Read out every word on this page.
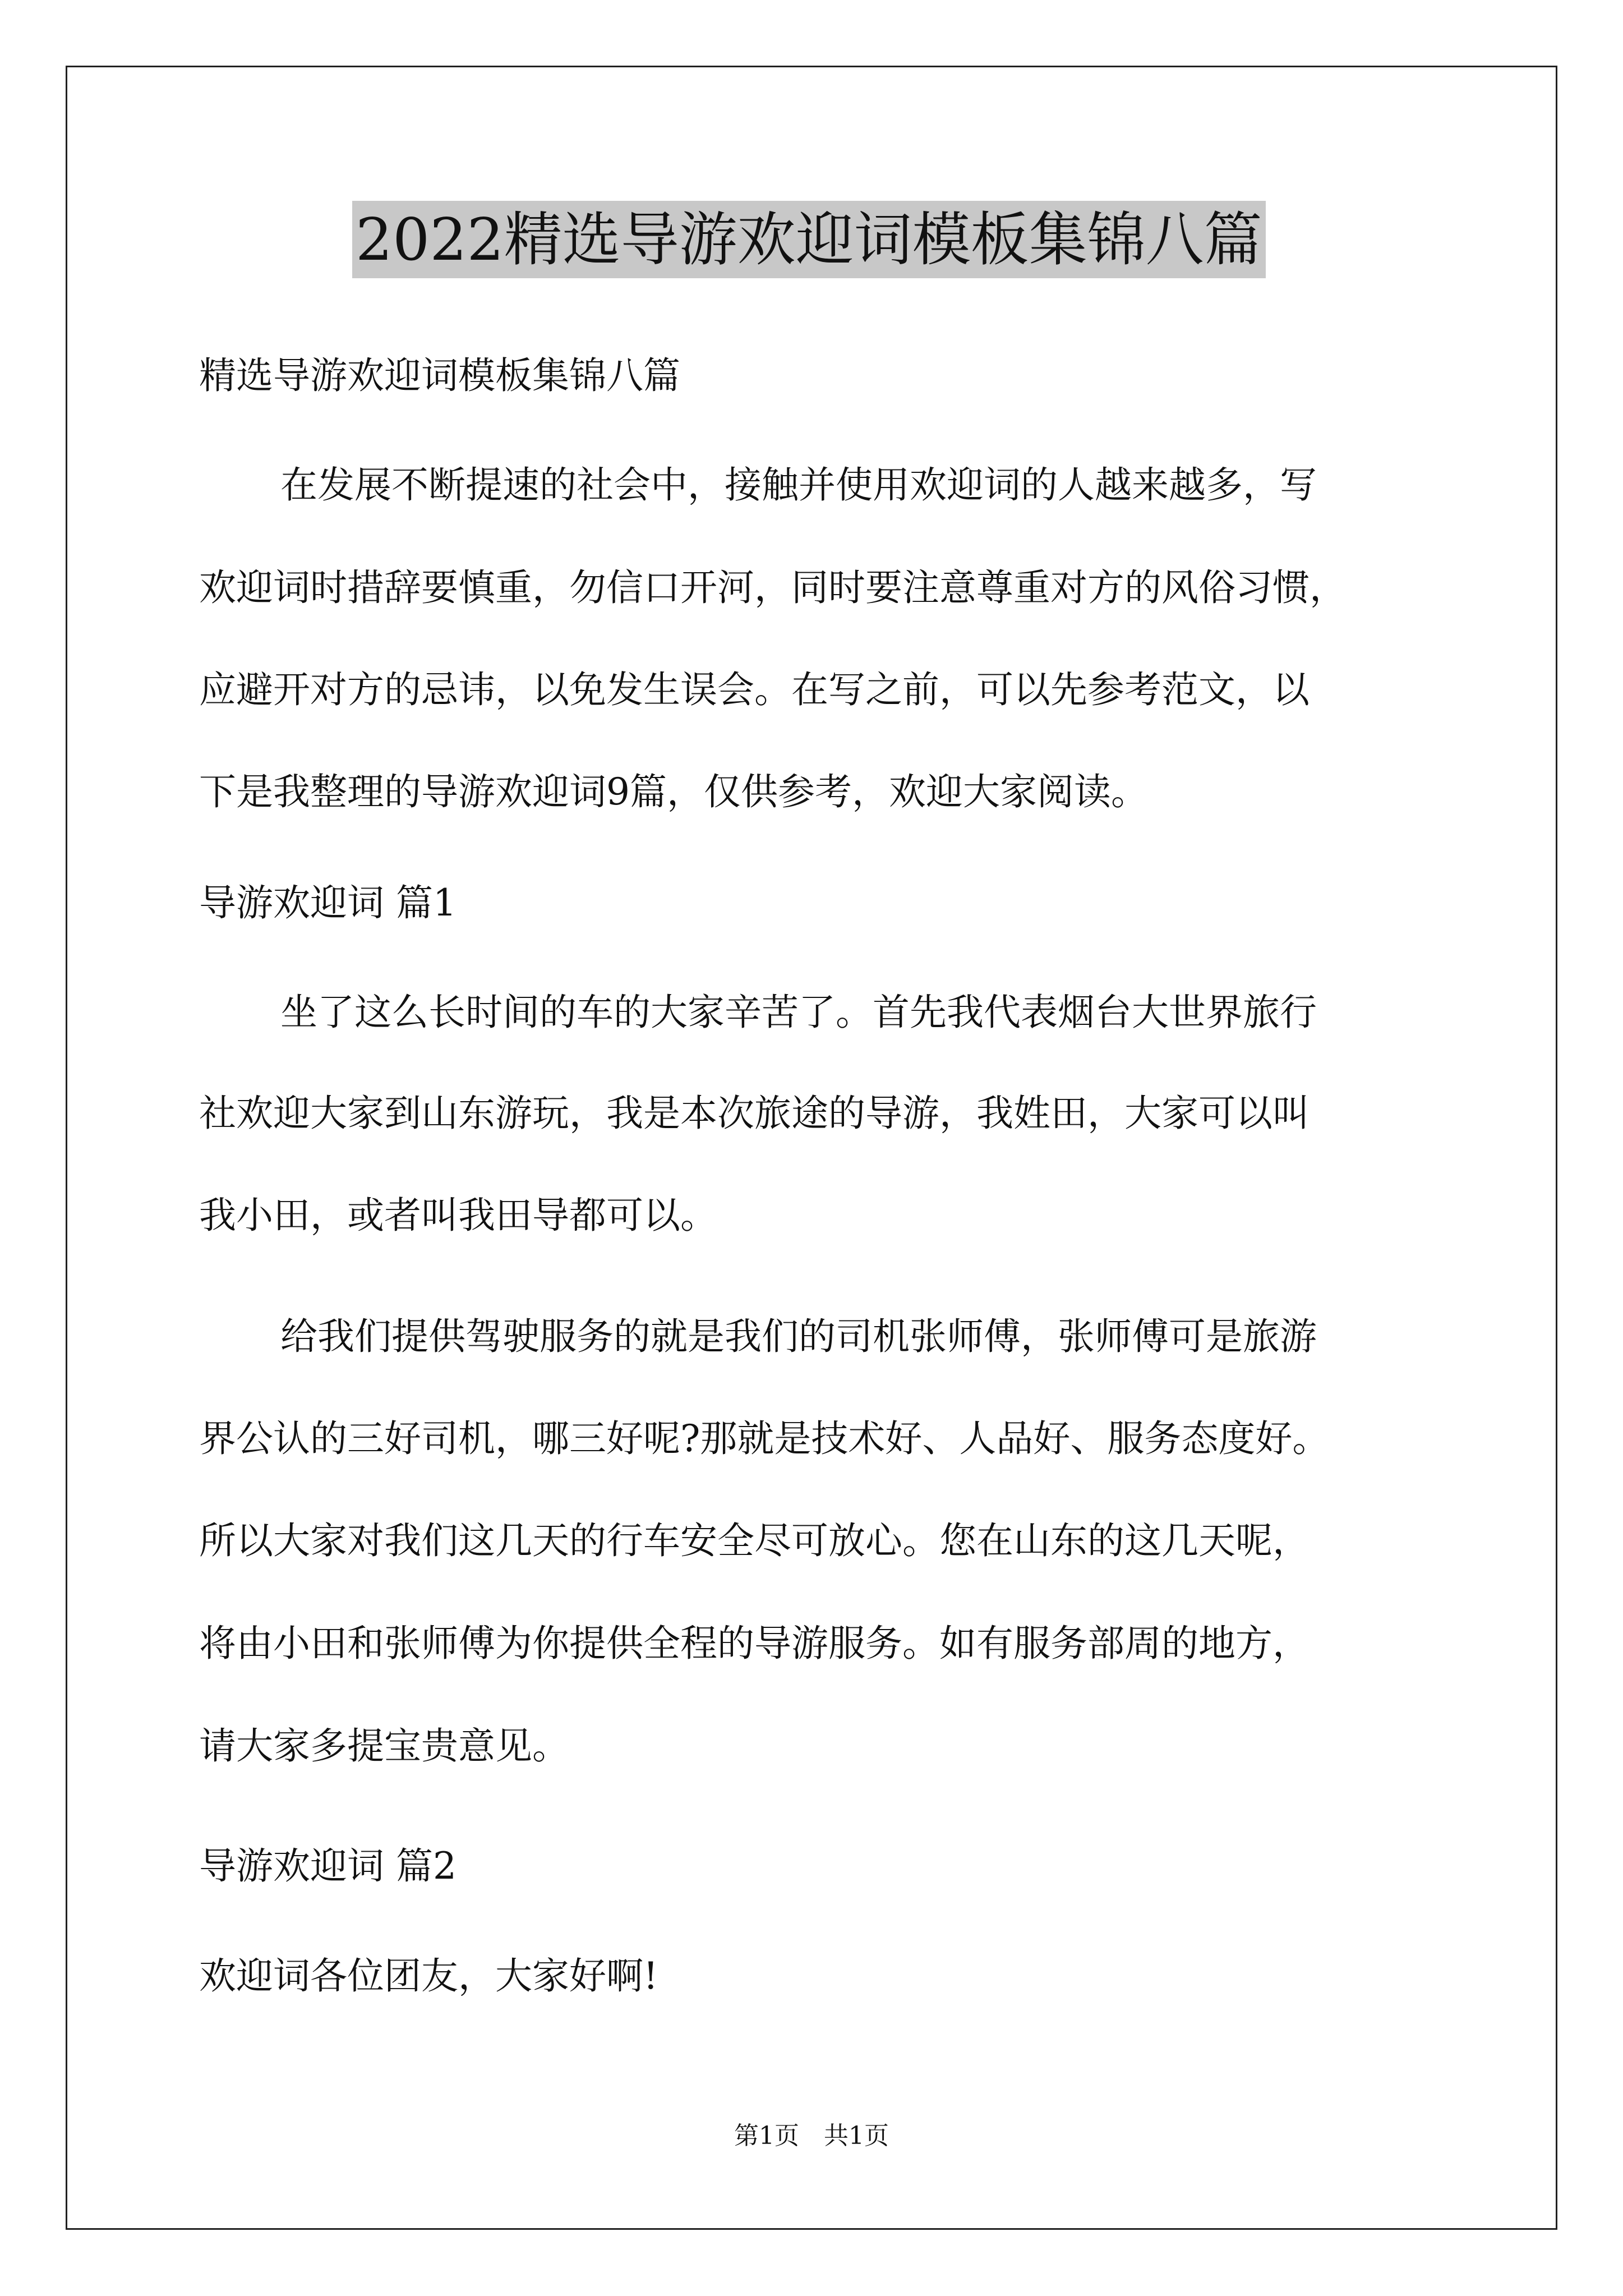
2022精选导游欢迎词模板集锦八篇
精选导游欢迎词模板集锦八篇
在发展不断提速的社会中，接触并使用欢迎词的人越来越多，写
欢迎词时措辞要慎重，勿信口开河，同时要注意尊重对方的风俗习惯，
应避开对方的忌讳，以免发生误会。在写之前，可以先参考范文，以
下是我整理的导游欢迎词9篇，仅供参考，欢迎大家阅读。
导游欢迎词 篇1
坐了这么长时间的车的大家辛苦了。首先我代表烟台大世界旅行
社欢迎大家到山东游玩，我是本次旅途的导游，我姓田，大家可以叫
我小田，或者叫我田导都可以。
给我们提供驾驶服务的就是我们的司机张师傅，张师傅可是旅游
界公认的三好司机，哪三好呢?那就是技术好、人品好、服务态度好。
所以大家对我们这几天的行车安全尽可放心。您在山东的这几天呢，
将由小田和张师傅为你提供全程的导游服务。如有服务部周的地方，
请大家多提宝贵意见。
导游欢迎词 篇2
欢迎词各位团友，大家好啊!
第1页　共1页
